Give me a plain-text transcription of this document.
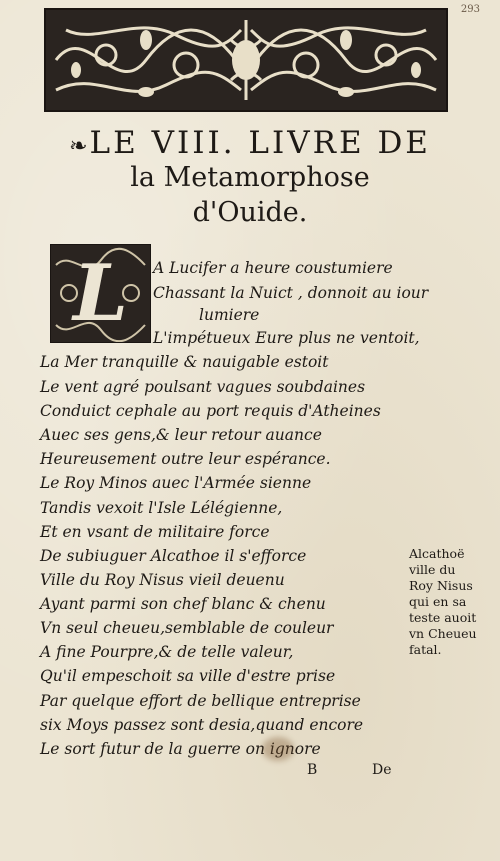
293
❧LE VIII. LIVRE DE
la Metamorphose
d'Ouide.
L	A Lucifer a heure coustumiere
Chassant la Nuict , donnoit au iour
lumiere
L'impétueux Eure plus ne ventoit,
La Mer tranquille & nauigable estoit
Le vent agré poulsant vagues soubdaines
Conduict cephale au port requis d'Atheines
Auec ses gens,& leur retour auance
Heureusement outre leur espérance.
Le Roy Minos auec l'Armée sienne
Tandis vexoit l'Isle Lélégienne,
Et en vsant de militaire force
De subiuguer Alcathoe il s'efforce
Ville du Roy Nisus vieil deuenu
Ayant parmi son chef blanc & chenu
Vn seul cheueu,semblable de couleur
A fine Pourpre,& de telle valeur,
Qu'il empeschoit sa ville d'estre prise
Par quelque effort de bellique entreprise
six Moys passez sont desia,quand encore
Le sort futur de la guerre on ignore
Alcathoë
ville du
Roy Nisus
qui en sa
teste auoit
vn Cheueu
fatal.
B	De
